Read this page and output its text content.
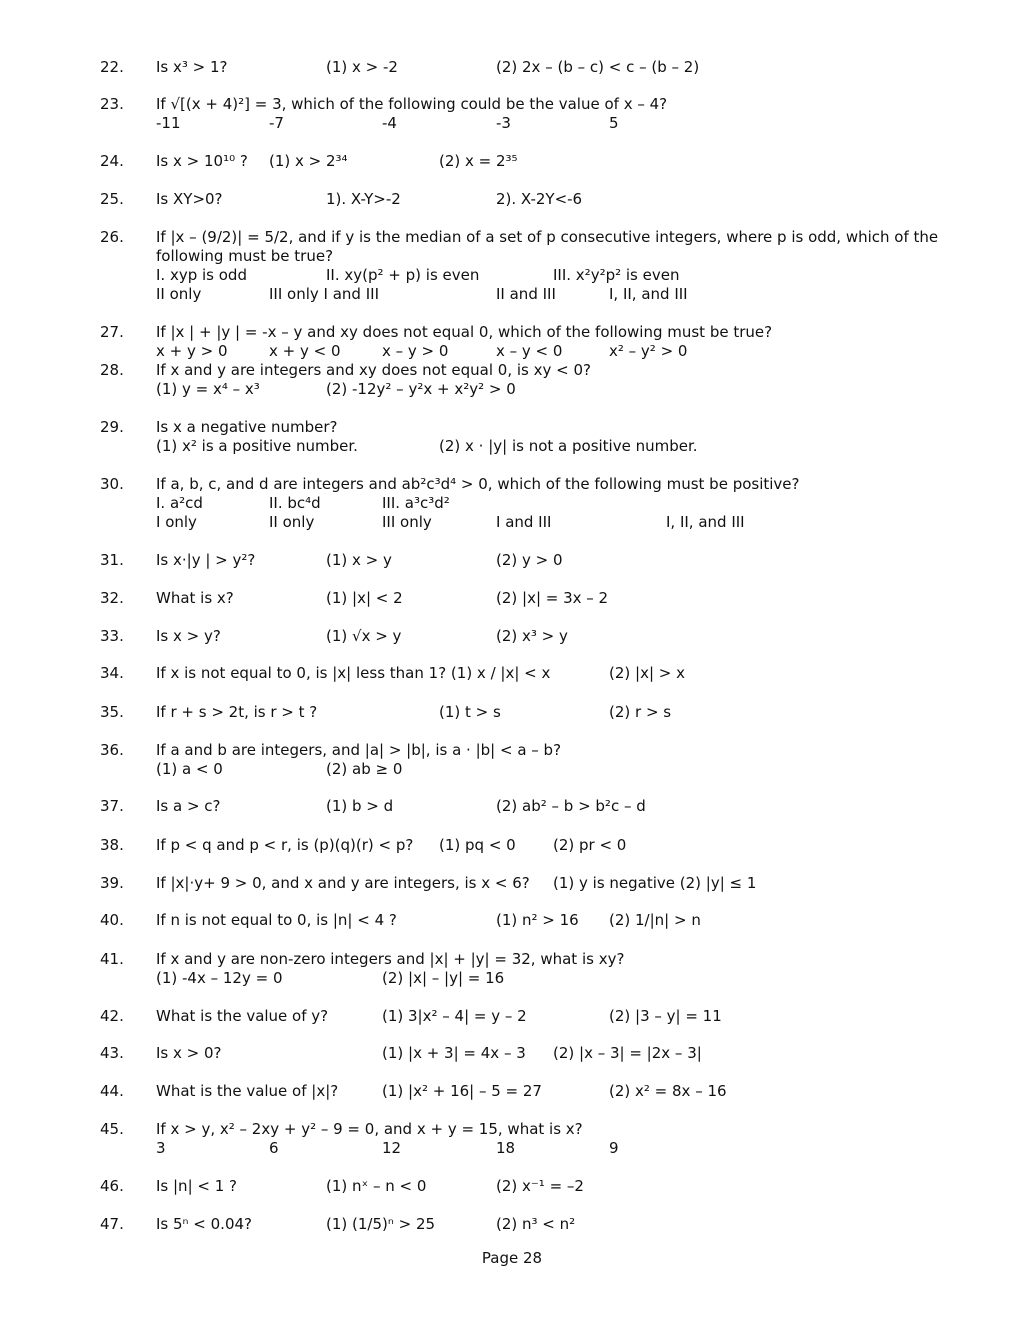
22. Is x³ > 1?	(1) x > -2	(2) 2x – (b – c) < c – (b – 2)
23. If √[(x + 4)²] = 3, which of the following could be the value of x – 4?
-11	-7	-4	-3	5
24. Is x > 10¹⁰ ? (1) x > 2³⁴	(2) x = 2³⁵
25. Is XY>0?	1). X-Y>-2	2). X-2Y<-6
26. If |x – (9/2)| = 5/2, and if y is the median of a set of p consecutive integers, where p is odd, which of the
following must be true?
I. xyp is odd	II. xy(p² + p) is even	III. x²y²p² is even
II only	III only I and III	II and III	I, II, and III
27. If |x | + |y | = -x – y and xy does not equal 0, which of the following must be true?
x + y > 0	x + y < 0	x – y > 0	x – y < 0	x² – y² > 0
28. If x and y are integers and xy does not equal 0, is xy < 0?
(1) y = x⁴ – x³	(2) -12y² – y²x + x²y² > 0
29. Is x a negative number?
(1) x² is a positive number.	(2) x · |y| is not a positive number.
30. If a, b, c, and d are integers and ab²c³d⁴ > 0, which of the following must be positive?
I. a²cd	II. bc⁴d	III. a³c³d²
I only	II only	III only	I and III	I, II, and III
31. Is x·|y | > y²?	(1) x > y	(2) y > 0
32. What is x?	(1) |x| < 2	(2) |x| = 3x – 2
33. Is x > y?	(1) √x > y	(2) x³ > y
34. If x is not equal to 0, is |x| less than 1? (1) x / |x| < x	(2) |x| > x
35. If r + s > 2t, is r > t ?	(1) t > s	(2) r > s
36. If a and b are integers, and |a| > |b|, is a · |b| < a – b?
(1) a < 0	(2) ab ≥ 0
37. Is a > c?	(1) b > d	(2) ab² – b > b²c – d
38. If p < q and p < r, is (p)(q)(r) < p? (1) pq < 0 (2) pr < 0
39. If |x|·y+ 9 > 0, and x and y are integers, is x < 6? (1) y is negative (2) |y| ≤ 1
40. If n is not equal to 0, is |n| < 4 ?	(1) n² > 16 (2) 1/|n| > n
41. If x and y are non-zero integers and |x| + |y| = 32, what is xy?
(1) -4x – 12y = 0	(2) |x| – |y| = 16
42. What is the value of y?	(1) 3|x² – 4| = y – 2	(2) |3 – y| = 11
43. Is x > 0?	(1) |x + 3| = 4x – 3 (2) |x – 3| = |2x – 3|
44. What is the value of |x|?	(1) |x² + 16| – 5 = 27	(2) x² = 8x – 16
45. If x > y, x² – 2xy + y² – 9 = 0, and x + y = 15, what is x?
3	6	12	18	9
46. Is |n| < 1 ?	(1) nˣ – n < 0	(2) x⁻¹ = –2
47. Is 5ⁿ < 0.04?	(1) (1/5)ⁿ > 25	(2) n³ < n²
Page 28
